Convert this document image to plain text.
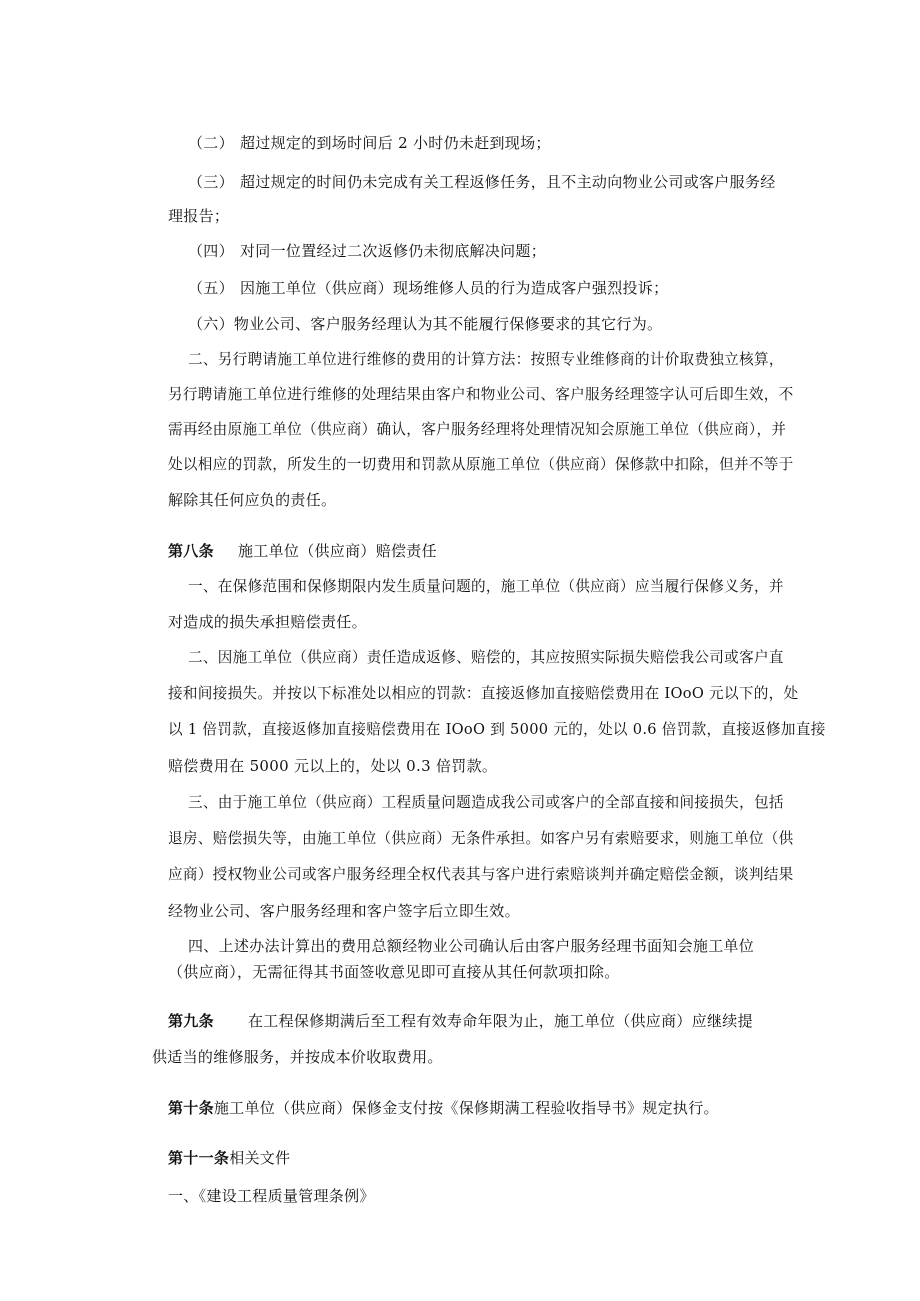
（二） 超过规定的到场时间后 2 小时仍未赶到现场；
（三） 超过规定的时间仍未完成有关工程返修任务，且不主动向物业公司或客户服务经
理报告；
（四） 对同一位置经过二次返修仍未彻底解决问题；
（五） 因施工单位（供应商）现场维修人员的行为造成客户强烈投诉；
（六）物业公司、客户服务经理认为其不能履行保修要求的其它行为。
二、另行聘请施工单位进行维修的费用的计算方法：按照专业维修商的计价取费独立核算，
另行聘请施工单位进行维修的处理结果由客户和物业公司、客户服务经理签字认可后即生效，不
需再经由原施工单位（供应商）确认，客户服务经理将处理情况知会原施工单位（供应商），并
处以相应的罚款，所发生的一切费用和罚款从原施工单位（供应商）保修款中扣除，但并不等于
解除其任何应负的责任。
第八条 施工单位（供应商）赔偿责任
一、在保修范围和保修期限内发生质量问题的，施工单位（供应商）应当履行保修义务，并
对造成的损失承担赔偿责任。
二、因施工单位（供应商）责任造成返修、赔偿的，其应按照实际损失赔偿我公司或客户直
接和间接损失。并按以下标准处以相应的罚款：直接返修加直接赔偿费用在 IOoO 元以下的，处
以 1 倍罚款，直接返修加直接赔偿费用在 IOoO 到 5000 元的，处以 0.6 倍罚款，直接返修加直接
赔偿费用在 5000 元以上的，处以 0.3 倍罚款。
三、由于施工单位（供应商）工程质量问题造成我公司或客户的全部直接和间接损失，包括
退房、赔偿损失等，由施工单位（供应商）无条件承担。如客户另有索赔要求，则施工单位（供
应商）授权物业公司或客户服务经理全权代表其与客户进行索赔谈判并确定赔偿金额，谈判结果
经物业公司、客户服务经理和客户签字后立即生效。
四、上述办法计算出的费用总额经物业公司确认后由客户服务经理书面知会施工单位
（供应商），无需征得其书面签收意见即可直接从其任何款项扣除。
第九条 在工程保修期满后至工程有效寿命年限为止，施工单位（供应商）应继续提
供适当的维修服务，并按成本价收取费用。
第十条施工单位（供应商）保修金支付按《保修期满工程验收指导书》规定执行。
第十一条相关文件
一、《建设工程质量管理条例》
